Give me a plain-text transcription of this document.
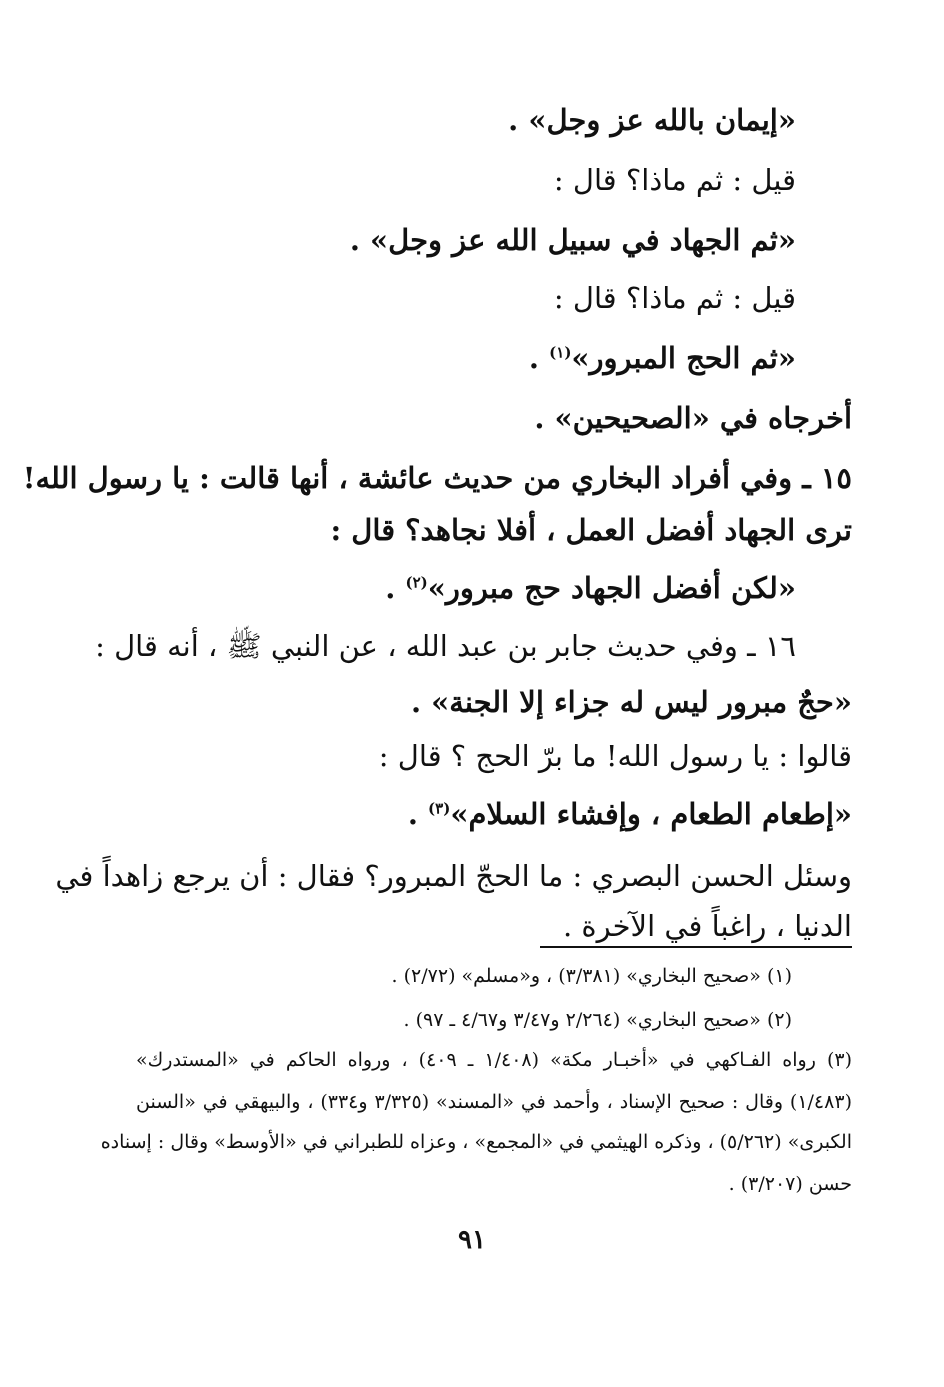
«إيمان بالله عز وجل» .
قيل : ثم ماذا؟ قال :
«ثم الجهاد في سبيل الله عز وجل» .
قيل : ثم ماذا؟ قال :
«ثم الحج المبرور»$^{(١)}$ .
أخرجاه في «الصحيحين» .
١٥ ـ وفي أفراد البخاري من حديث عائشة ، أنها قالت : يا رسول الله!
ترى الجهاد أفضل العمل ، أفلا نجاهد؟ قال :
«لكن أفضل الجهاد حج مبرور»$^{(٢)}$ .
١٦ ـ وفي حديث جابر بن عبد الله ، عن النبي ﷺ ، أنه قال :
«حجٌ مبرور ليس له جزاء إلا الجنة» .
قالوا : يا رسول الله! ما برّ الحج ؟ قال :
«إطعام الطعام ، وإفشاء السلام»$^{(٣)}$ .
وسئل الحسن البصري : ما الحجّ المبرور؟ فقال : أن يرجع زاهداً في
الدنيا ، راغباً في الآخرة .
(١) «صحيح البخاري» (٣/٣٨١) ، و«مسلم» (٢/٧٢) .
(٢) «صحيح البخاري» (٢/٢٦٤ و٣/٤٧ و٤/٦٧ ـ ٩٧) .
(٣) رواه الفـاكهي في «أخبـار مكة» (١/٤٠٨ ـ ٤٠٩) ، ورواه الحاكم في «المستدرك»
(١/٤٨٣) وقال : صحيح الإسناد ، وأحمد في «المسند» (٣/٣٢٥ و٣٣٤) ، والبيهقي في «السنن
الكبرى» (٥/٢٦٢) ، وذكره الهيثمي في «المجمع» ، وعزاه للطبراني في «الأوسط» وقال : إسناده
حسن (٣/٢٠٧) .
٩١
